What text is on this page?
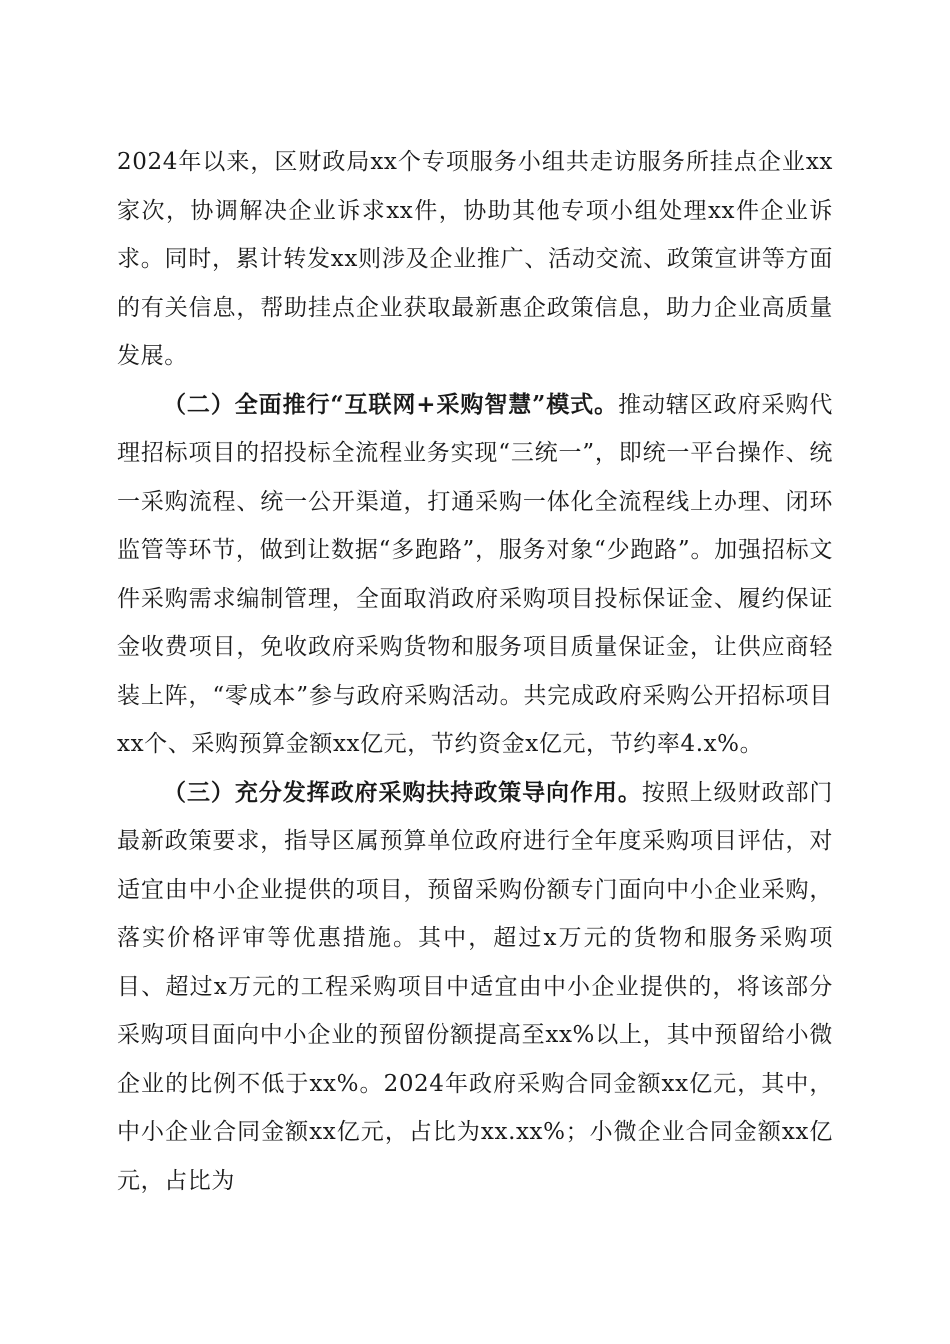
2024年以来，区财政局xx个专项服务小组共走访服务所挂点企业xx家次，协调解决企业诉求xx件，协助其他专项小组处理xx件企业诉求。同时，累计转发xx则涉及企业推广、活动交流、政策宣讲等方面的有关信息，帮助挂点企业获取最新惠企政策信息，助力企业高质量发展。

（二）全面推行“互联网+采购智慧”模式。推动辖区政府采购代理招标项目的招投标全流程业务实现“三统一”，即统一平台操作、统一采购流程、统一公开渠道，打通采购一体化全流程线上办理、闭环监管等环节，做到让数据“多跑路”，服务对象“少跑路”。加强招标文件采购需求编制管理，全面取消政府采购项目投标保证金、履约保证金收费项目，免收政府采购货物和服务项目质量保证金，让供应商轻装上阵，“零成本”参与政府采购活动。共完成政府采购公开招标项目xx个、采购预算金额xx亿元，节约资金x亿元，节约率4.x%。

（三）充分发挥政府采购扶持政策导向作用。按照上级财政部门最新政策要求，指导区属预算单位政府进行全年度采购项目评估，对适宜由中小企业提供的项目，预留采购份额专门面向中小企业采购，落实价格评审等优惠措施。其中，超过x万元的货物和服务采购项目、超过x万元的工程采购项目中适宜由中小企业提供的，将该部分采购项目面向中小企业的预留份额提高至xx%以上，其中预留给小微企业的比例不低于xx%。2024年政府采购合同金额xx亿元，其中，中小企业合同金额xx亿元，占比为xx.xx%；小微企业合同金额xx亿元，占比为
